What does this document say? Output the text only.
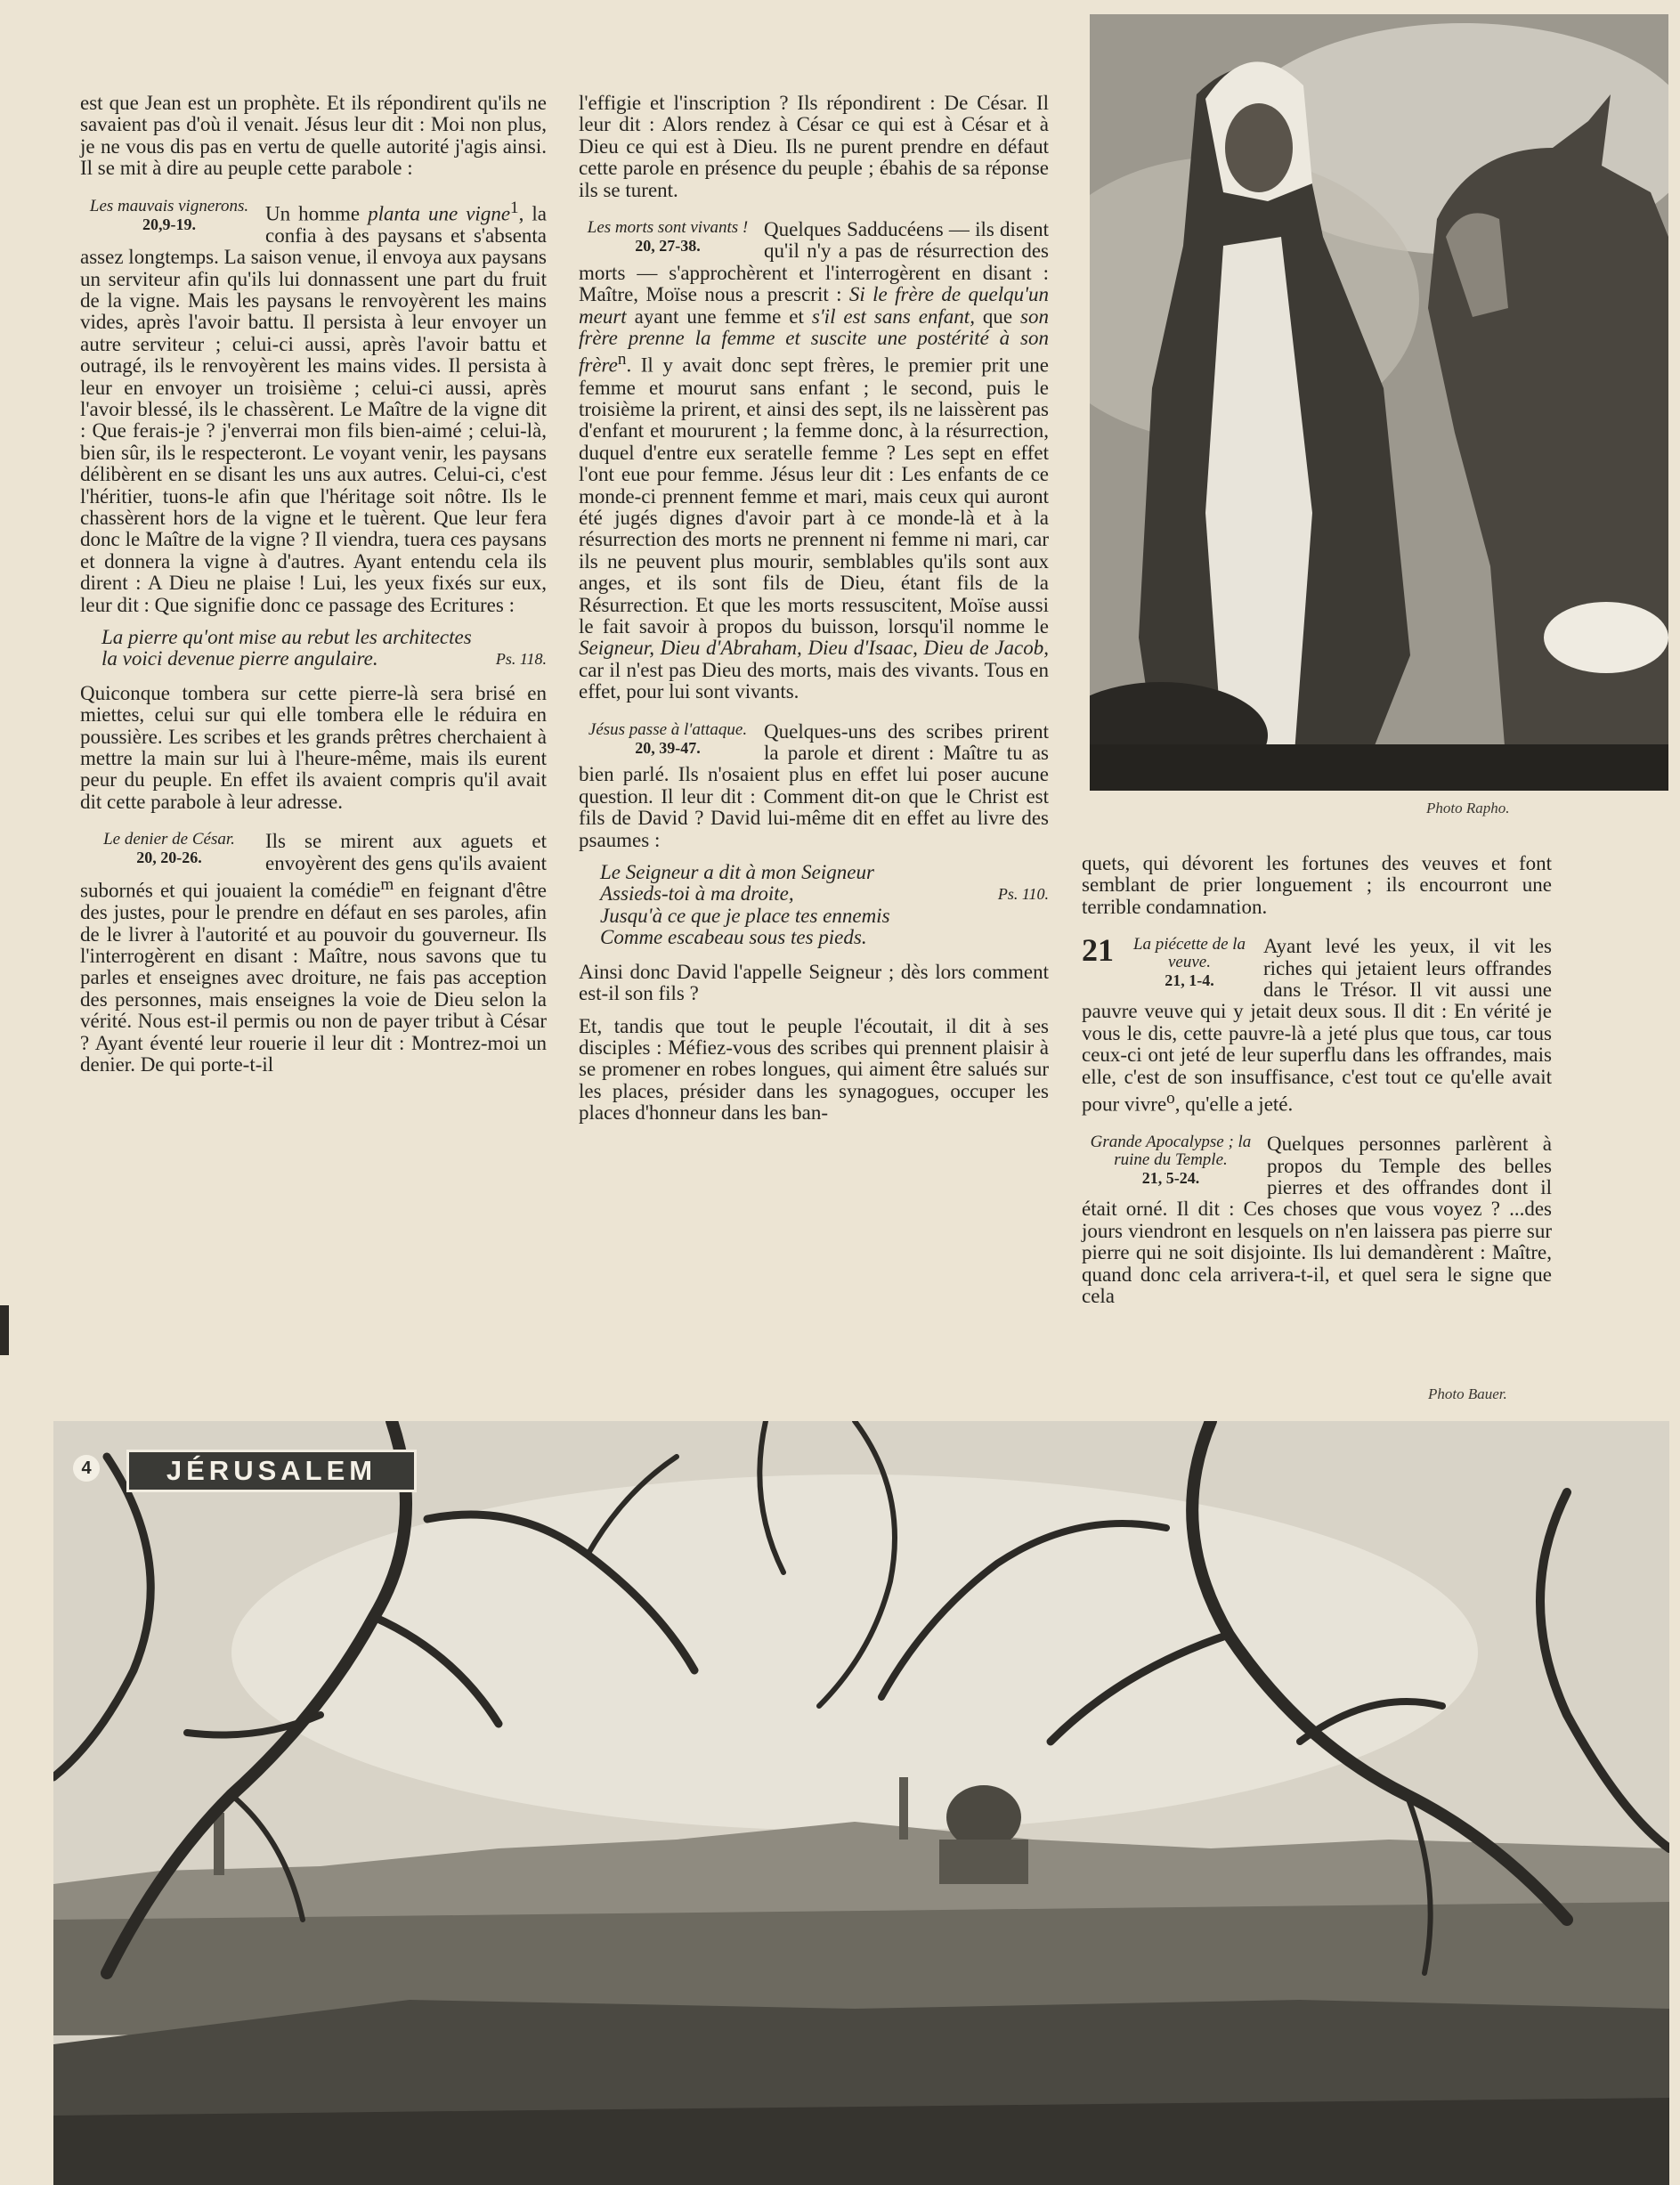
est que Jean est un prophète. Et ils répondirent qu'ils ne savaient pas d'où il venait. Jésus leur dit : Moi non plus, je ne vous dis pas en vertu de quelle autorité j'agis ainsi. Il se mit à dire au peuple cette parabole :

Les mauvais vignerons.
20,9-19.	Un homme planta une vigne$^1$, la confia à des paysans et s'absenta assez longtemps. La saison venue, il envoya aux paysans un serviteur afin qu'ils lui donnassent une part du fruit de la vigne. Mais les paysans le renvoyèrent les mains vides, après l'avoir battu. Il persista à leur envoyer un autre serviteur ; celui-ci aussi, après l'avoir battu et outragé, ils le renvoyèrent les mains vides. Il persista à leur en envoyer un troisième ; celui-ci aussi, après l'avoir blessé, ils le chassèrent. Le Maître de la vigne dit : Que ferais-je ? j'enverrai mon fils bien-aimé ; celui-là, bien sûr, ils le respecteront. Le voyant venir, les paysans délibèrent en se disant les uns aux autres. Celui-ci, c'est l'héritier, tuons-le afin que l'héritage soit nôtre. Ils le chassèrent hors de la vigne et le tuèrent. Que leur fera donc le Maître de la vigne ? Il viendra, tuera ces paysans et donnera la vigne à d'autres. Ayant entendu cela ils dirent : A Dieu ne plaise ! Lui, les yeux fixés sur eux, leur dit : Que signifie donc ce passage des Ecritures :

La pierre qu'ont mise au rebut les architectes
Ps. 118.
la voici devenue pierre angulaire.

Quiconque tombera sur cette pierre-là sera brisé en miettes, celui sur qui elle tombera elle le réduira en poussière. Les scribes et les grands prêtres cherchaient à mettre la main sur lui à l'heure-même, mais ils eurent peur du peuple. En effet ils avaient compris qu'il avait dit cette parabole à leur adresse.

Le denier de César.
20, 20-26.

Ils se mirent aux aguets et envoyèrent des gens qu'ils avaient subornés et qui jouaient la comédie$^m$ en feignant d'être des justes, pour le prendre en défaut en ses paroles, afin de le livrer à l'autorité et au pouvoir du gouverneur. Ils l'interrogèrent en disant : Maître, nous savons que tu parles et enseignes avec droiture, ne fais pas acception des personnes, mais enseignes la voie de Dieu selon la vérité. Nous est-il permis ou non de payer tribut à César ? Ayant éventé leur rouerie il leur dit : Montrez-moi un denier. De qui porte-t-il

l'effigie et l'inscription ? Ils répondirent : De César. Il leur dit : Alors rendez à César ce qui est à César et à Dieu ce qui est à Dieu. Ils ne purent prendre en défaut cette parole en présence du peuple ; ébahis de sa réponse ils se turent.

Les morts sont vivants !
20, 27-38.

Quelques Sadducéens — ils disent qu'il n'y a pas de résurrection des morts — s'approchèrent et l'interrogèrent en disant : Maître, Moïse nous a prescrit : Si le frère de quelqu'un meurt ayant une femme et s'il est sans enfant, que son frère prenne la femme et suscite une postérité à son frère$^n$. Il y avait donc sept frères, le premier prit une femme et mourut sans enfant ; le second, puis le troisième la prirent, et ainsi des sept, ils ne laissèrent pas d'enfant et moururent ; la femme donc, à la résurrection, duquel d'entre eux seratelle femme ? Les sept en effet l'ont eue pour femme. Jésus leur dit : Les enfants de ce monde-ci prennent femme et mari, mais ceux qui auront été jugés dignes d'avoir part à ce monde-là et à la résurrection des morts ne prennent ni femme ni mari, car ils ne peuvent plus mourir, semblables qu'ils sont aux anges, et ils sont fils de Dieu, étant fils de la Résurrection. Et que les morts ressuscitent, Moïse aussi le fait savoir à propos du buisson, lorsqu'il nomme le Seigneur, Dieu d'Abraham, Dieu d'Isaac, Dieu de Jacob, car il n'est pas Dieu des morts, mais des vivants. Tous en effet, pour lui sont vivants.

Jésus passe à l'attaque.
20, 39-47.

Quelques-uns des scribes prirent la parole et dirent : Maître tu as bien parlé. Ils n'osaient plus en effet lui poser aucune question. Il leur dit : Comment dit-on que le Christ est fils de David ? David lui-même dit en effet au livre des psaumes :

Le Seigneur a dit à mon Seigneur
Ps. 110.
Assieds-toi à ma droite,
Jusqu'à ce que je place tes ennemis
Comme escabeau sous tes pieds.

Ainsi donc David l'appelle Seigneur ; dès lors comment est-il son fils ?

Et, tandis que tout le peuple l'écoutait, il dit à ses disciples : Méfiez-vous des scribes qui prennent plaisir à se promener en robes longues, qui aiment être salués sur les places, présider dans les synagogues, occuper les places d'honneur dans les ban-

Photo Rapho.

quets, qui dévorent les fortunes des veuves et font semblant de prier longuement ; ils encourront une terrible condamnation.

21	La piécette de la veuve.
21, 1-4.

Ayant levé les yeux, il vit les riches qui jetaient leurs offrandes dans le Trésor. Il vit aussi une pauvre veuve qui y jetait deux sous. Il dit : En vérité je vous le dis, cette pauvre-là a jeté plus que tous, car tous ceux-ci ont jeté de leur superflu dans les offrandes, mais elle, c'est de son insuffisance, c'est tout ce qu'elle avait pour vivre$^o$, qu'elle a jeté.

Grande Apocalypse ; la ruine du Temple.
21, 5-24.

Quelques personnes parlèrent à propos du Temple des belles pierres et des offrandes dont il était orné. Il dit : Ces choses que vous voyez ? ...des jours viendront en lesquels on n'en laissera pas pierre sur pierre qui ne soit disjointe. Ils lui demandèrent : Maître, quand donc cela arrivera-t-il, et quel sera le signe que cela

Photo Bauer.
4	JÉRUSALEM
